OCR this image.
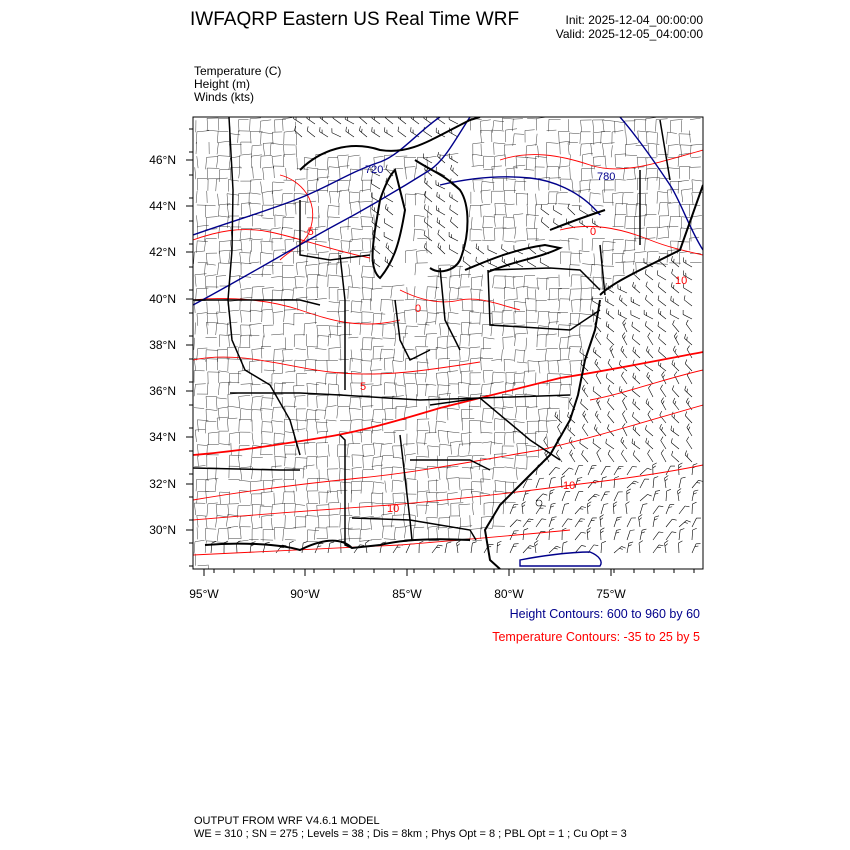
IWFAQRP Eastern US Real Time WRF	Init: 2025-12-04_00:00:00
Valid: 2025-12-05_04:00:00
Temperature (C)
Height (m)
Winds (kts)
720
780
-5	0
0
5
10
10
10
46°N
44°N
42°N
40°N
38°N
36°N
34°N
32°N
30°N
95°W	90°W	85°W	80°W	75°W
Height Contours: 600 to 960 by 60
Temperature Contours: -35 to 25 by 5
OUTPUT FROM WRF V4.6.1 MODEL
WE = 310 ; SN = 275 ; Levels = 38 ; Dis = 8km ; Phys Opt = 8 ; PBL Opt = 1 ; Cu Opt = 3
